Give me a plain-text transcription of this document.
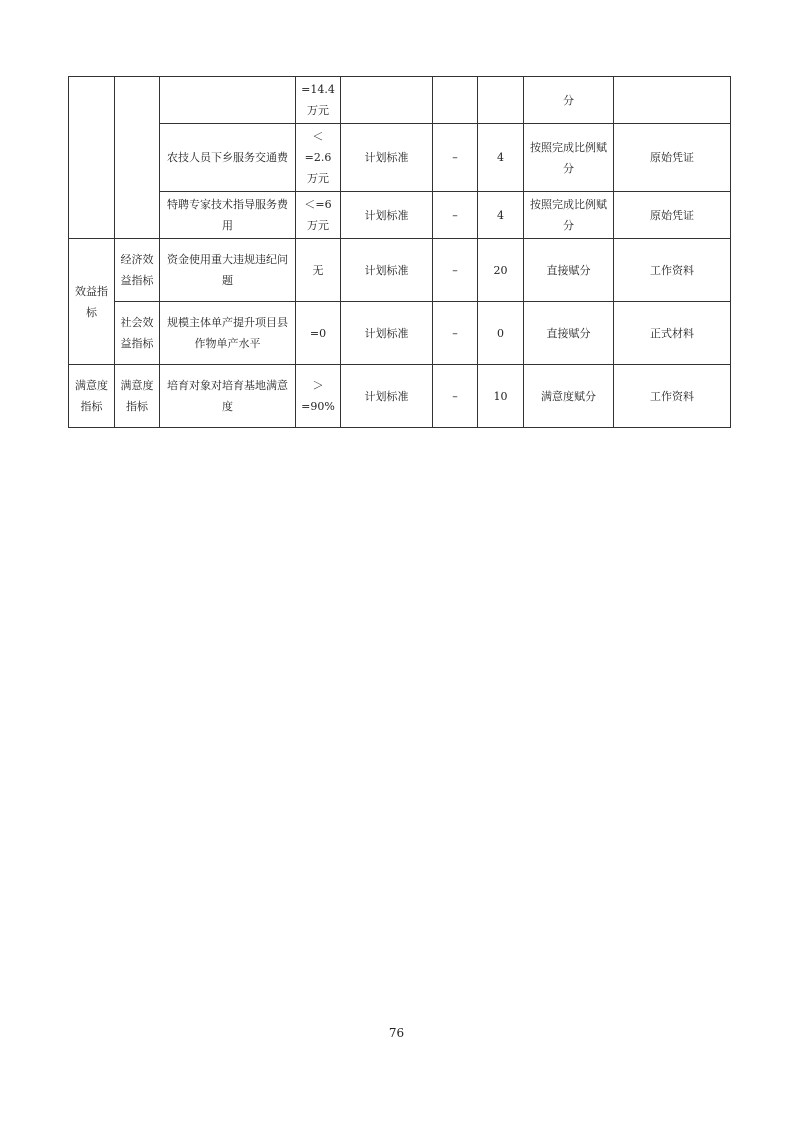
			=14.4
万元				分	
		农技人员下乡服务交通费	＜
=2.6
万元	计划标准	–	4	按照完成比例赋分	原始凭证
		特聘专家技术指导服务费用	＜=6
万元	计划标准	–	4	按照完成比例赋分	原始凭证
效益指标	经济效益指标	资金使用重大违规违纪问题	无	计划标准	–	20	直接赋分	工作资料
	社会效益指标	规模主体单产提升项目县作物单产水平	=0	计划标准	–	0	直接赋分	正式材料
满意度指标	满意度指标	培育对象对培育基地满意度	＞
=90%	计划标准	–	10	满意度赋分	工作资料
76
